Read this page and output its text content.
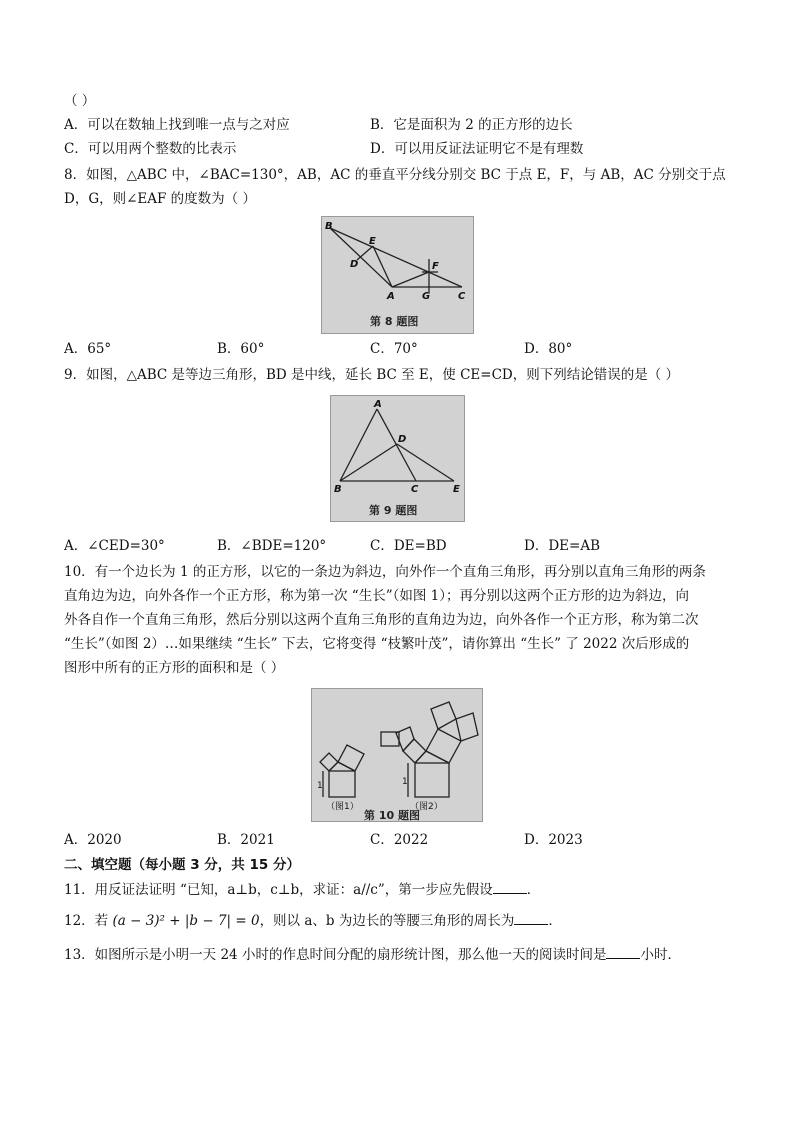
（ ）
A．可以在数轴上找到唯一点与之对应	B．它是面积为 2 的正方形的边长
C．可以用两个整数的比表示	D．可以用反证法证明它不是有理数
8．如图，△ABC 中，∠BAC=130°，AB，AC 的垂直平分线分别交 BC 于点 E，F，与 AB，AC 分别交于点
D，G，则∠EAF 的度数为（ ）
B
E
D	F
A	G	C
第 8 题图
A．65°	B．60°	C．70°	D．80°
9．如图，△ABC 是等边三角形，BD 是中线，延长 BC 至 E，使 CE=CD，则下列结论错误的是（ ）
A
D
B	C	E
第 9 题图
A．∠CED=30°	B．∠BDE=120°	C．DE=BD	D．DE=AB
10．有一个边长为 1 的正方形，以它的一条边为斜边，向外作一个直角三角形，再分别以直角三角形的两条
直角边为边，向外各作一个正方形，称为第一次 “生长”（如图 1）；再分别以这两个正方形的边为斜边，向
外各自作一个直角三角形，然后分别以这两个直角三角形的直角边为边，向外各作一个正方形，称为第二次
“生长”（如图 2）…如果继续 “生长” 下去，它将变得 “枝繁叶茂”，请你算出 “生长” 了 2022 次后形成的
图形中所有的正方形的面积和是（ ）
1	1
（图1）	（图2）
第 10 题图
A．2020	B．2021	C．2022	D．2023
二、填空题（每小题 3 分，共 15 分）
11．用反证法证明 “已知，a⊥b，c⊥b，求证：a//c”，第一步应先假设	．
12．若 (a − 3)² + |b − 7| = 0，则以 a、b 为边长的等腰三角形的周长为	．
13．如图所示是小明一天 24 小时的作息时间分配的扇形统计图，那么他一天的阅读时间是	小时．
